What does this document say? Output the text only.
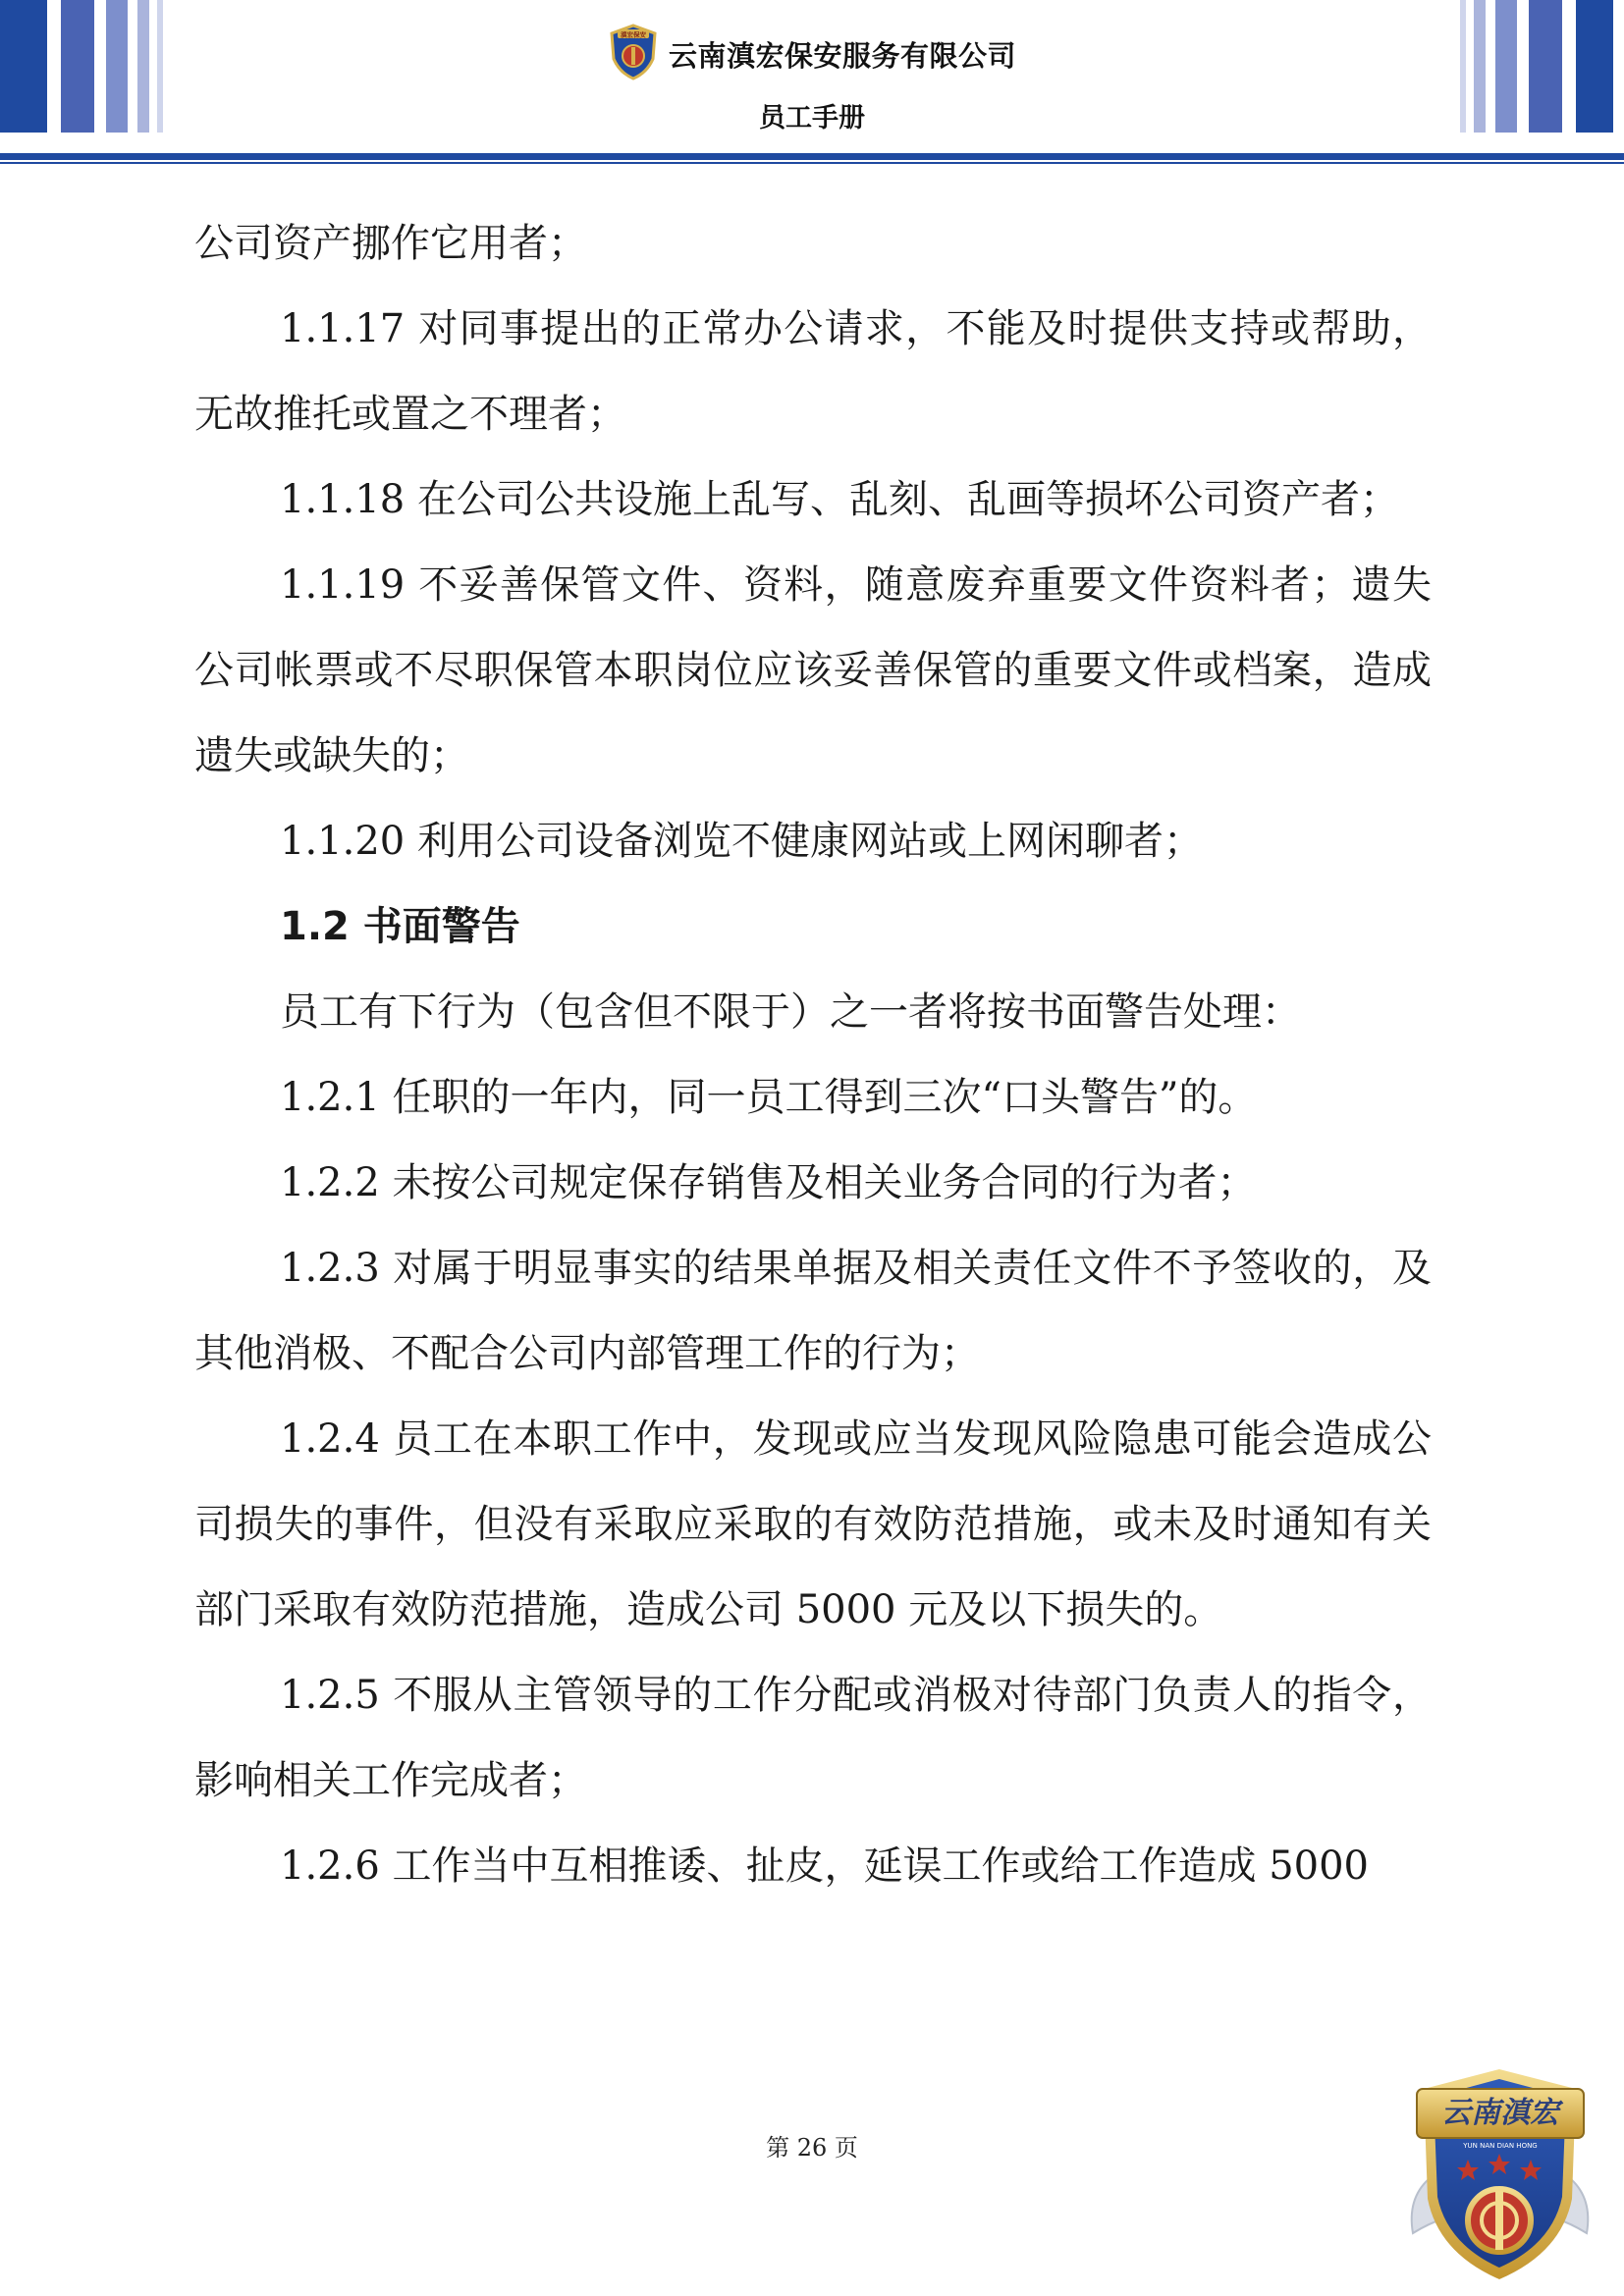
滇宏保安
云南滇宏保安服务有限公司
员工手册

公司资产挪作它用者；

1.1.17 对同事提出的正常办公请求，不能及时提供支持或帮助，无故推托或置之不理者；

1.1.18 在公司公共设施上乱写、乱刻、乱画等损坏公司资产者；

1.1.19 不妥善保管文件、资料，随意废弃重要文件资料者；遗失公司帐票或不尽职保管本职岗位应该妥善保管的重要文件或档案，造成遗失或缺失的；

1.1.20 利用公司设备浏览不健康网站或上网闲聊者；

1.2 书面警告

员工有下行为（包含但不限于）之一者将按书面警告处理：

1.2.1 任职的一年内，同一员工得到三次“口头警告”的。

1.2.2 未按公司规定保存销售及相关业务合同的行为者；

1.2.3 对属于明显事实的结果单据及相关责任文件不予签收的，及其他消极、不配合公司内部管理工作的行为；

1.2.4 员工在本职工作中，发现或应当发现风险隐患可能会造成公司损失的事件，但没有采取应采取的有效防范措施，或未及时通知有关部门采取有效防范措施，造成公司 5000 元及以下损失的。

1.2.5 不服从主管领导的工作分配或消极对待部门负责人的指令，影响相关工作完成者；

1.2.6 工作当中互相推诿、扯皮，延误工作或给工作造成 5000

第 26 页
云南滇宏
YUN NAN DIAN HONG
